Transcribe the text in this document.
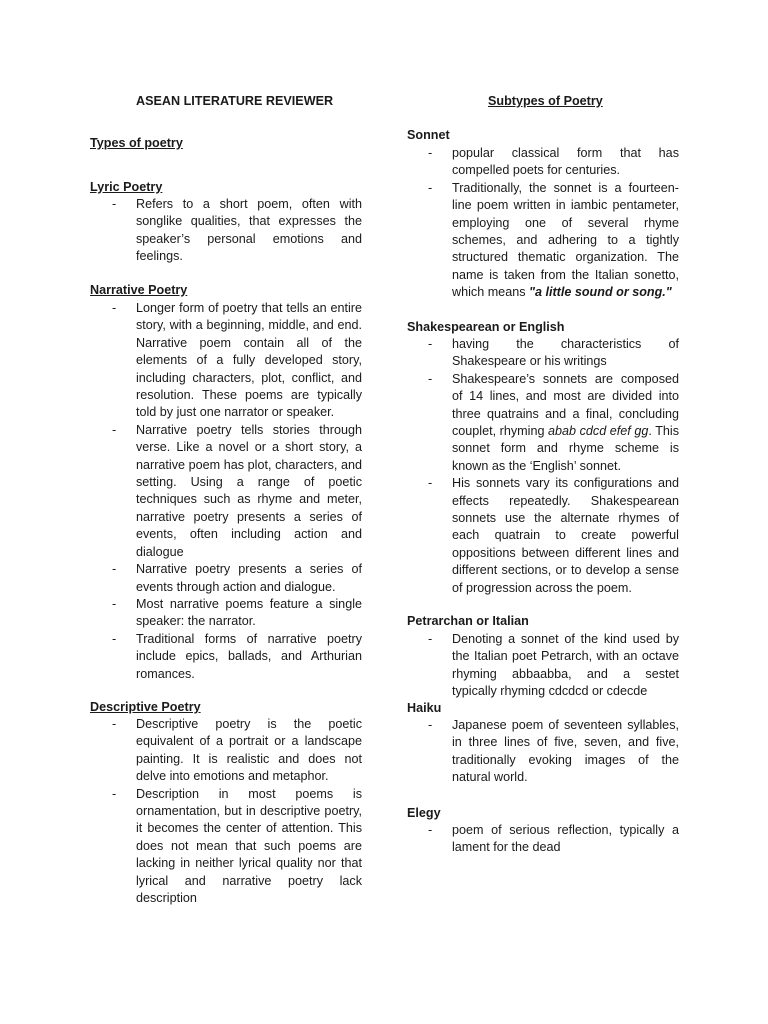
ASEAN LITERATURE REVIEWER
Types of poetry
Lyric Poetry
-	Refers to a short poem, often with songlike qualities, that expresses the speaker’s personal emotions and feelings.
Narrative Poetry
-	Longer form of poetry that tells an entire story, with a beginning, middle, and end. Narrative poem contain all of the elements of a fully developed story, including characters, plot, conflict, and resolution. These poems are typically told by just one narrator or speaker.
-	Narrative poetry tells stories through verse. Like a novel or a short story, a narrative poem has plot, characters, and setting. Using a range of poetic techniques such as rhyme and meter, narrative poetry presents a series of events, often including action and dialogue
-	Narrative poetry presents a series of events through action and dialogue.
-	Most narrative poems feature a single speaker: the narrator.
-	Traditional forms of narrative poetry include epics, ballads, and Arthurian romances.
Descriptive Poetry
-	Descriptive poetry is the poetic equivalent of a portrait or a landscape painting. It is realistic and does not delve into emotions and metaphor.
-	Description in most poems is ornamentation, but in descriptive poetry, it becomes the center of attention. This does not mean that such poems are lacking in neither lyrical quality nor that lyrical and narrative poetry lack description
Subtypes of Poetry
Sonnet
-	popular classical form that has compelled poets for centuries.
-	Traditionally, the sonnet is a fourteen-line poem written in iambic pentameter, employing one of several rhyme schemes, and adhering to a tightly structured thematic organization. The name is taken from the Italian sonetto, which means "a little sound or song."
Shakespearean or English
-	having the characteristics of Shakespeare or his writings
-	Shakespeare’s sonnets are composed of 14 lines, and most are divided into three quatrains and a final, concluding couplet, rhyming abab cdcd efef gg. This sonnet form and rhyme scheme is known as the ‘English’ sonnet.
-	His sonnets vary its configurations and effects repeatedly. Shakespearean sonnets use the alternate rhymes of each quatrain to create powerful oppositions between different lines and different sections, or to develop a sense of progression across the poem.
Petrarchan or Italian
-	Denoting a sonnet of the kind used by the Italian poet Petrarch, with an octave rhyming abbaabba, and a sestet typically rhyming cdcdcd or cdecde
Haiku
-	Japanese poem of seventeen syllables, in three lines of five, seven, and five, traditionally evoking images of the natural world.
Elegy
-	poem of serious reflection, typically a lament for the dead
